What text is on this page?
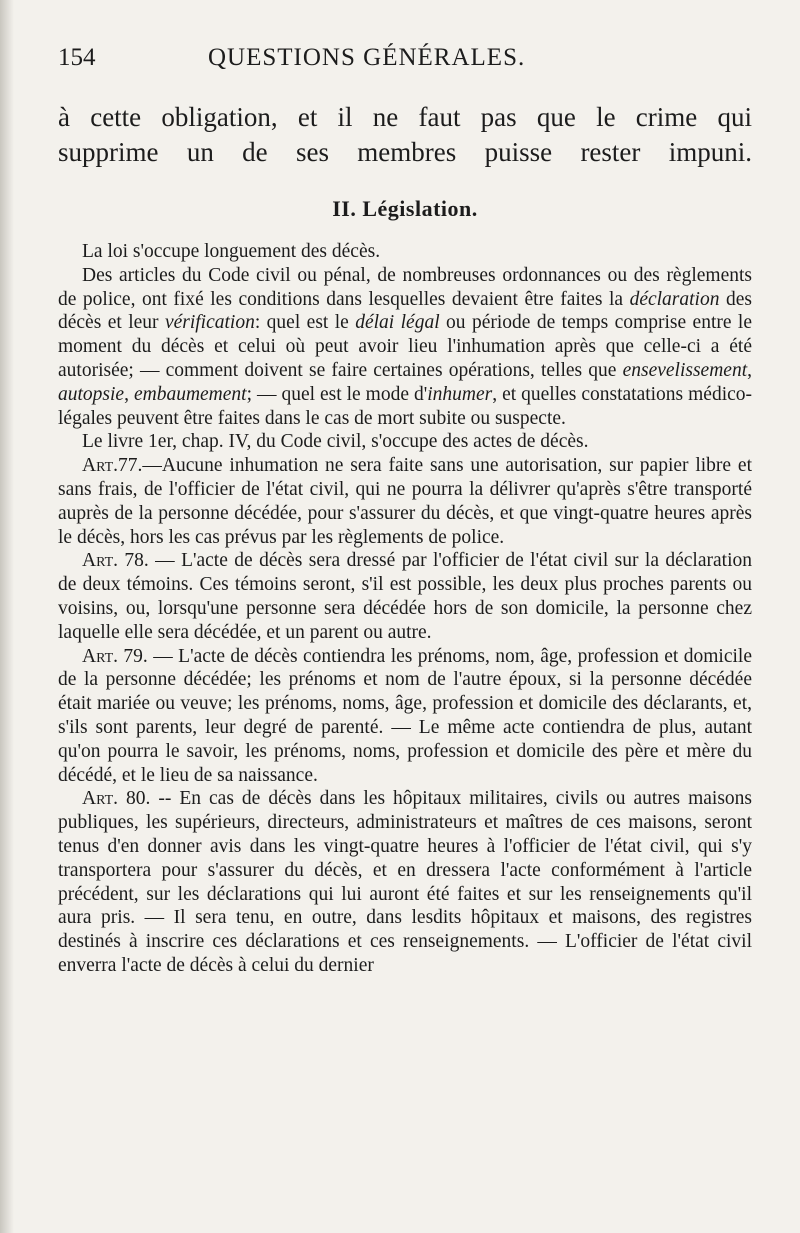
154	QUESTIONS GÉNÉRALES.
à cette obligation, et il ne faut pas que le crime qui
supprime un de ses membres puisse rester impuni.
II. Législation.

La loi s'occupe longuement des décès.

Des articles du Code civil ou pénal, de nombreuses ordonnances ou des règlements de police, ont fixé les conditions dans lesquelles devaient être faites la déclaration des décès et leur vérification: quel est le délai légal ou période de temps comprise entre le moment du décès et celui où peut avoir lieu l'inhumation après que celle-ci a été autorisée; — comment doivent se faire certaines opérations, telles que ensevelissement, autopsie, embaumement; — quel est le mode d'inhumer, et quelles constatations médico-légales peuvent être faites dans le cas de mort subite ou suspecte.

Le livre 1er, chap. IV, du Code civil, s'occupe des actes de décès.

Art.77.—Aucune inhumation ne sera faite sans une autorisation, sur papier libre et sans frais, de l'officier de l'état civil, qui ne pourra la délivrer qu'après s'être transporté auprès de la personne décédée, pour s'assurer du décès, et que vingt-quatre heures après le décès, hors les cas prévus par les règlements de police.

Art. 78. — L'acte de décès sera dressé par l'officier de l'état civil sur la déclaration de deux témoins. Ces témoins seront, s'il est possible, les deux plus proches parents ou voisins, ou, lorsqu'une personne sera décédée hors de son domicile, la personne chez laquelle elle sera décédée, et un parent ou autre.

Art. 79. — L'acte de décès contiendra les prénoms, nom, âge, profession et domicile de la personne décédée; les prénoms et nom de l'autre époux, si la personne décédée était mariée ou veuve; les prénoms, noms, âge, profession et domicile des déclarants, et, s'ils sont parents, leur degré de parenté. — Le même acte contiendra de plus, autant qu'on pourra le savoir, les prénoms, noms, profession et domicile des père et mère du décédé, et le lieu de sa naissance.

Art. 80. -- En cas de décès dans les hôpitaux militaires, civils ou autres maisons publiques, les supérieurs, directeurs, administrateurs et maîtres de ces maisons, seront tenus d'en donner avis dans les vingt-quatre heures à l'officier de l'état civil, qui s'y transportera pour s'assurer du décès, et en dressera l'acte conformément à l'article précédent, sur les déclarations qui lui auront été faites et sur les renseignements qu'il aura pris. — Il sera tenu, en outre, dans lesdits hôpitaux et maisons, des registres destinés à inscrire ces déclarations et ces renseignements. — L'officier de l'état civil enverra l'acte de décès à celui du dernier
